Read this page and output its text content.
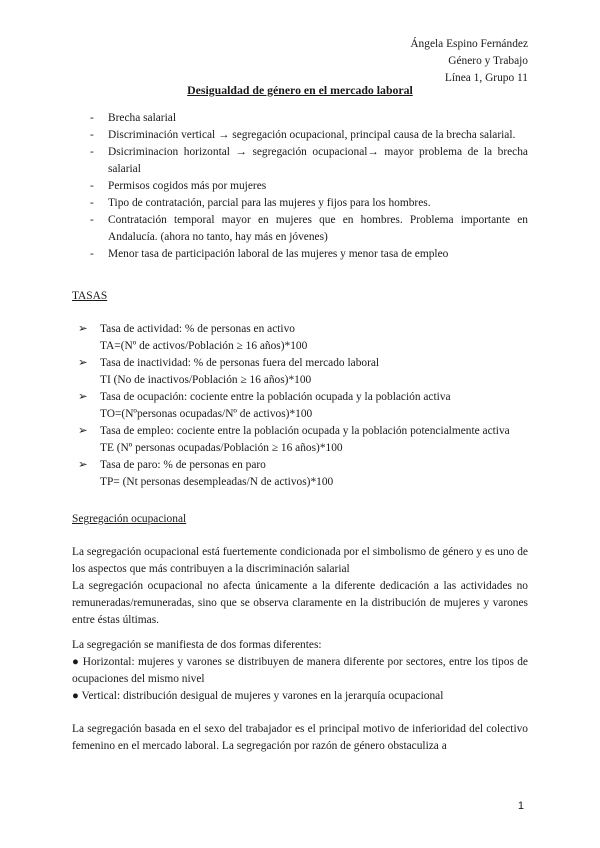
Ángela Espino Fernández
Género y Trabajo
Línea 1, Grupo 11
Desigualdad de género en el mercado laboral
- Brecha salarial
- Discriminación vertical → segregación ocupacional, principal causa de la brecha salarial.
- Dsicriminacion horizontal → segregación ocupacional→ mayor problema de la brecha salarial
- Permisos cogidos más por mujeres
- Tipo de contratación, parcial para las mujeres y fijos para los hombres.
- Contratación temporal mayor en mujeres que en hombres. Problema importante en Andalucía. (ahora no tanto, hay más en jóvenes)
- Menor tasa de participación laboral de las mujeres y menor tasa de empleo
TASAS
➢ Tasa de actividad: % de personas en activo
TA=(Nº de activos/Población ≥ 16 años)*100
➢ Tasa de inactividad: % de personas fuera del mercado laboral
TI (No de inactivos/Población ≥ 16 años)*100
➢ Tasa de ocupación: cociente entre la población ocupada y la población activa
TO=(Nºpersonas ocupadas/Nº de activos)*100
➢ Tasa de empleo: cociente entre la población ocupada y la población potencialmente activa
TE (Nº personas ocupadas/Población ≥ 16 años)*100
➢ Tasa de paro: % de personas en paro
TP= (Nt personas desempleadas/N de activos)*100
Segregación ocupacional

La segregación ocupacional está fuertemente condicionada por el simbolismo de género y es uno de los aspectos que más contribuyen a la discriminación salarial

La segregación ocupacional no afecta únicamente a la diferente dedicación a las actividades no remuneradas/remuneradas, sino que se observa claramente en la distribución de mujeres y varones entre éstas últimas.

La segregación se manifiesta de dos formas diferentes:

● Horizontal: mujeres y varones se distribuyen de manera diferente por sectores, entre los tipos de ocupaciones del mismo nivel
● Vertical: distribución desigual de mujeres y varones en la jerarquía ocupacional

La segregación basada en el sexo del trabajador es el principal motivo de inferioridad del colectivo femenino en el mercado laboral. La segregación por razón de género obstaculiza a

1
